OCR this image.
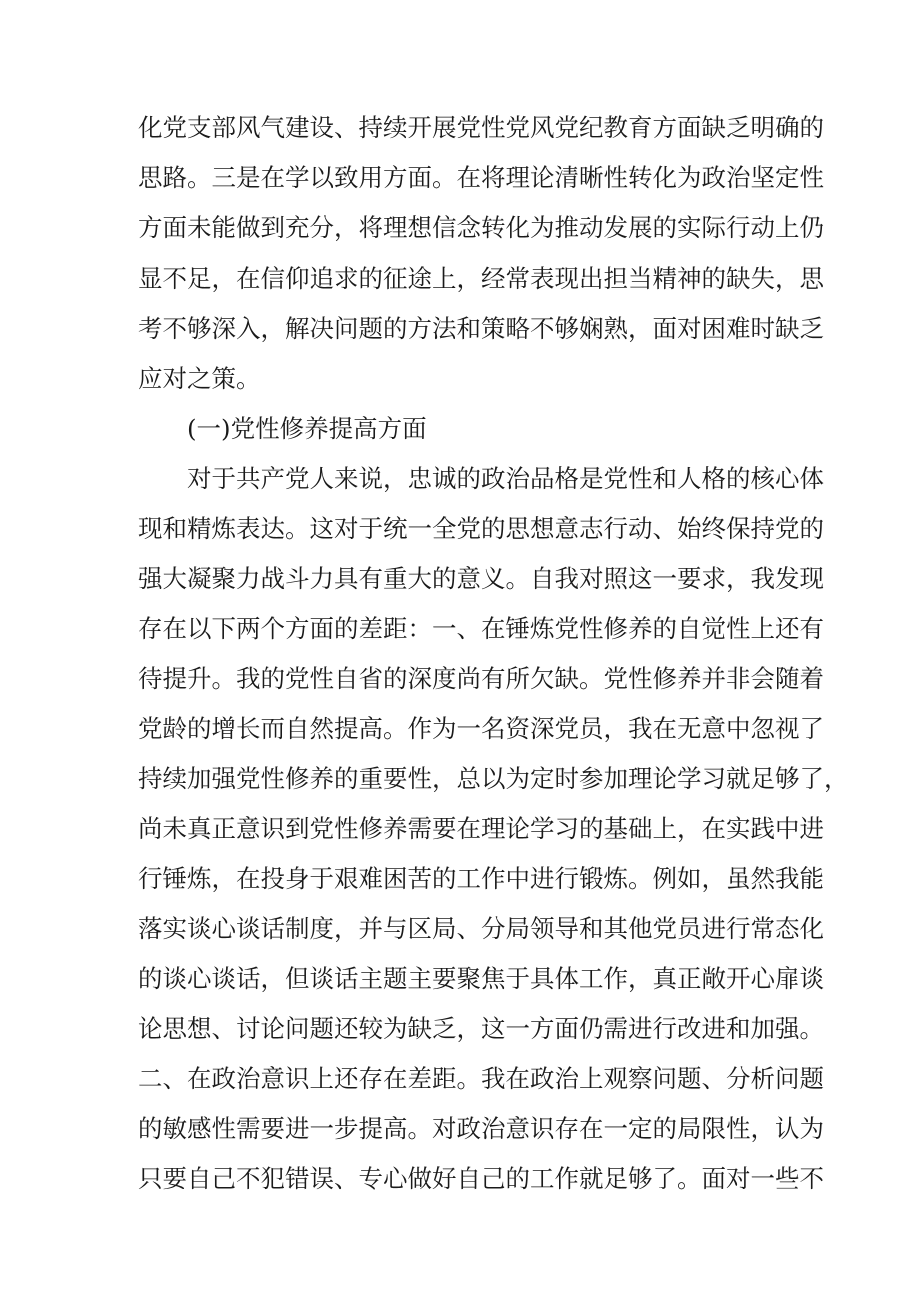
化党支部风气建设、持续开展党性党风党纪教育方面缺乏明确的
思路。三是在学以致用方面。在将理论清晰性转化为政治坚定性
方面未能做到充分，将理想信念转化为推动发展的实际行动上仍
显不足，在信仰追求的征途上，经常表现出担当精神的缺失，思
考不够深入，解决问题的方法和策略不够娴熟，面对困难时缺乏
应对之策。
(一)党性修养提高方面
对于共产党人来说，忠诚的政治品格是党性和人格的核心体
现和精炼表达。这对于统一全党的思想意志行动、始终保持党的
强大凝聚力战斗力具有重大的意义。自我对照这一要求，我发现
存在以下两个方面的差距：一、在锤炼党性修养的自觉性上还有
待提升。我的党性自省的深度尚有所欠缺。党性修养并非会随着
党龄的增长而自然提高。作为一名资深党员，我在无意中忽视了
持续加强党性修养的重要性，总以为定时参加理论学习就足够了，
尚未真正意识到党性修养需要在理论学习的基础上，在实践中进
行锤炼，在投身于艰难困苦的工作中进行锻炼。例如，虽然我能
落实谈心谈话制度，并与区局、分局领导和其他党员进行常态化
的谈心谈话，但谈话主题主要聚焦于具体工作，真正敞开心扉谈
论思想、讨论问题还较为缺乏，这一方面仍需进行改进和加强。
二、在政治意识上还存在差距。我在政治上观察问题、分析问题
的敏感性需要进一步提高。对政治意识存在一定的局限性，认为
只要自己不犯错误、专心做好自己的工作就足够了。面对一些不
